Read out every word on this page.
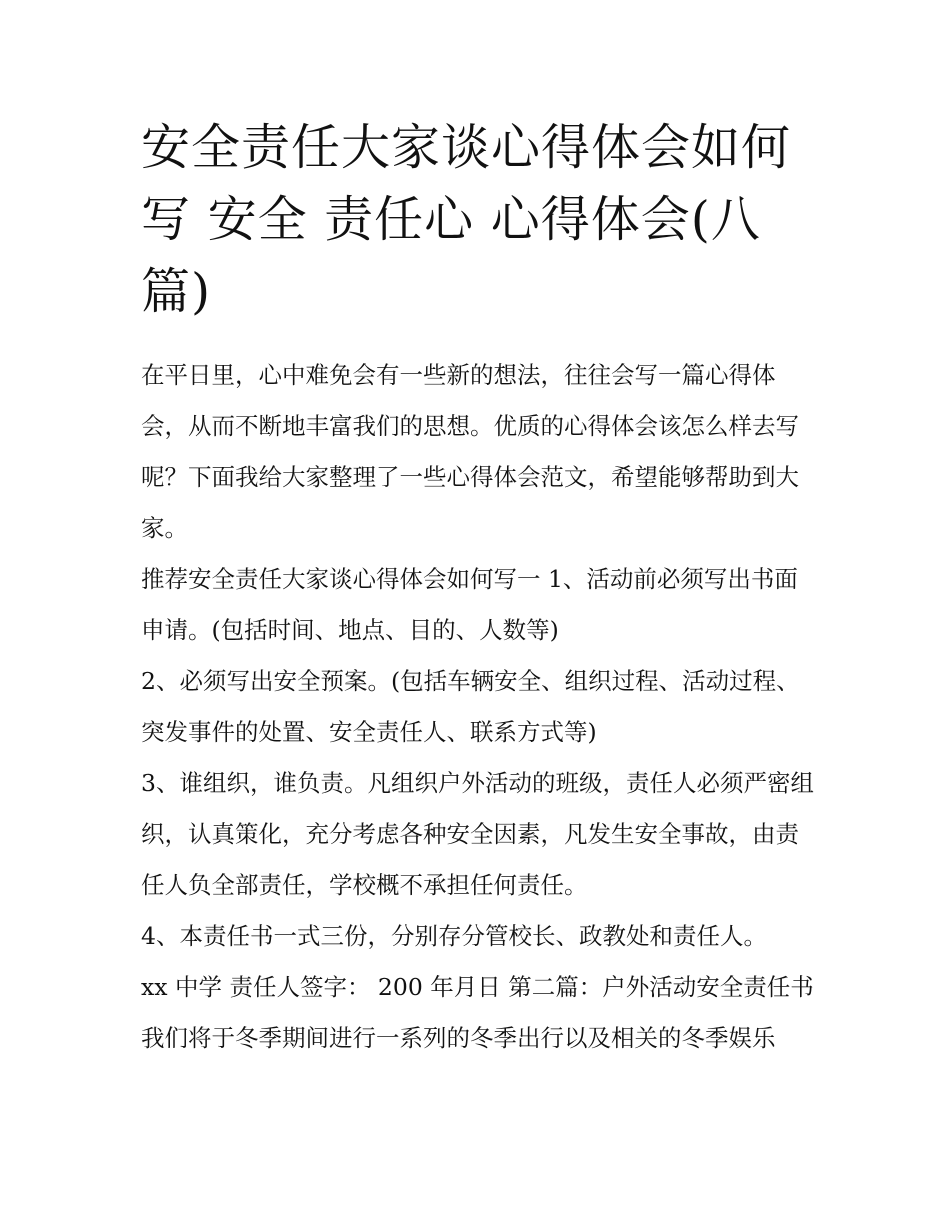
安全责任大家谈心得体会如何写 安全 责任心 心得体会(八篇)

在平日里，心中难免会有一些新的想法，往往会写一篇心得体会，从而不断地丰富我们的思想。优质的心得体会该怎么样去写呢？下面我给大家整理了一些心得体会范文，希望能够帮助到大家。

推荐安全责任大家谈心得体会如何写一 1、活动前必须写出书面申请。(包括时间、地点、目的、人数等)

2、必须写出安全预案。(包括车辆安全、组织过程、活动过程、突发事件的处置、安全责任人、联系方式等)

3、谁组织，谁负责。凡组织户外活动的班级，责任人必须严密组织，认真策化，充分考虑各种安全因素，凡发生安全事故，由责任人负全部责任，学校概不承担任何责任。

4、本责任书一式三份，分别存分管校长、政教处和责任人。

xx 中学 责任人签字： 200 年月日 第二篇：户外活动安全责任书

我们将于冬季期间进行一系列的冬季出行以及相关的冬季娱乐
